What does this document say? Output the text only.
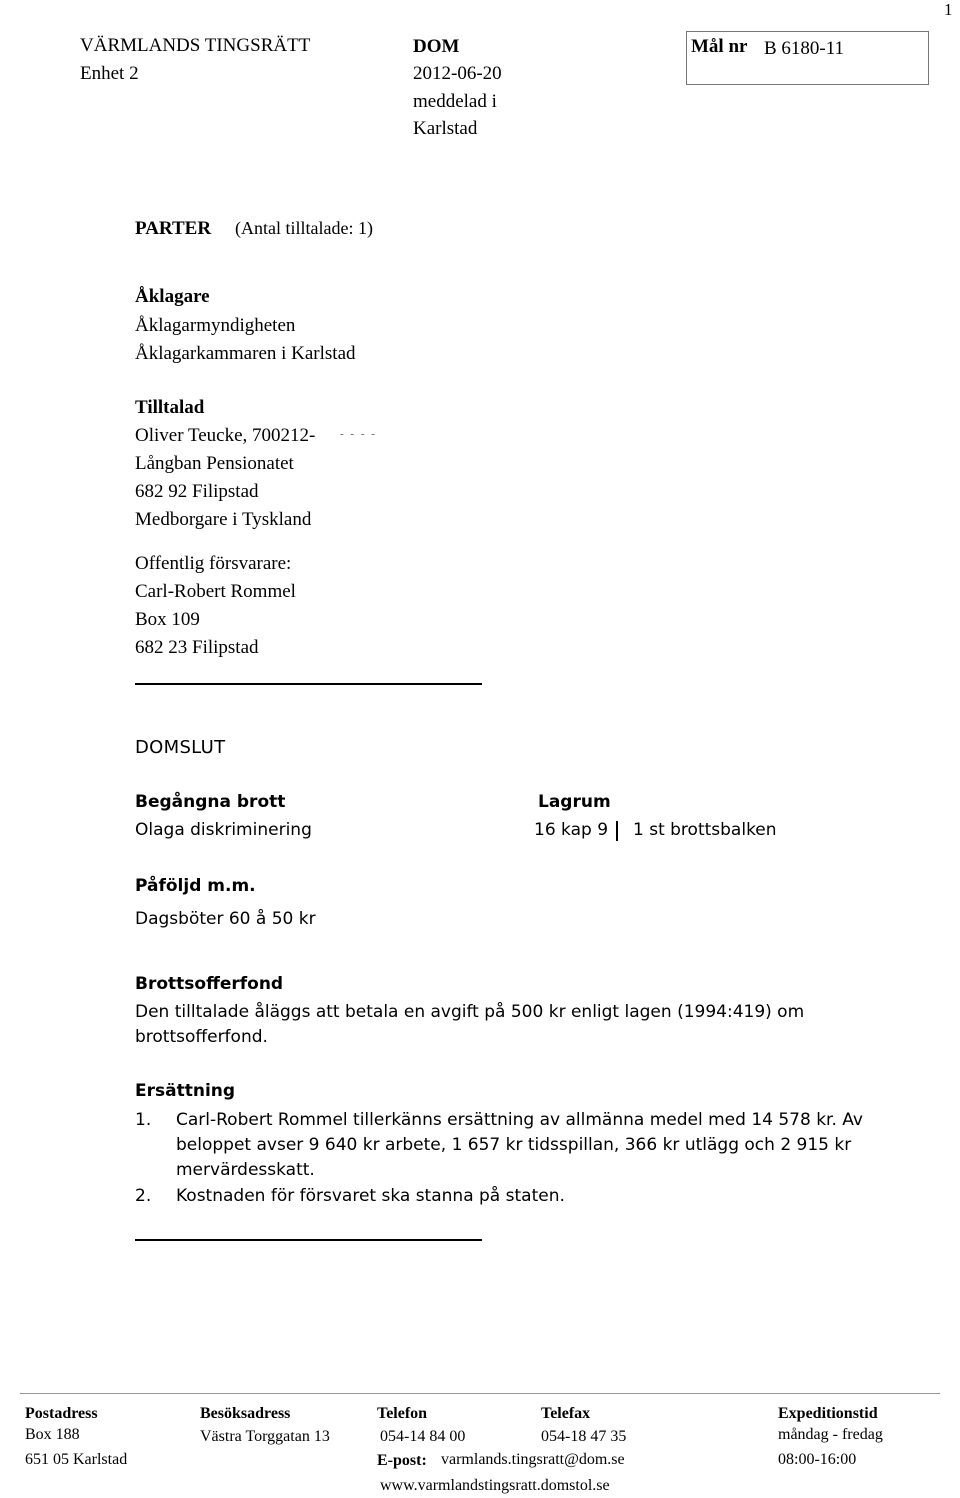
1
VÄRMLANDS TINGSRÄTT
Enhet 2
DOM
2012-06-20
meddelad i
Karlstad
Mål nr B 6180-11
PARTER (Antal tilltalade: 1)
Åklagare
Åklagarmyndigheten
Åklagarkammaren i Karlstad
Tilltalad
Oliver Teucke, 700212- - - - -
Långban Pensionatet
682 92 Filipstad
Medborgare i Tyskland
Offentlig försvarare:
Carl-Robert Rommel
Box 109
682 23 Filipstad
DOMSLUT
Begångna brott
Olaga diskriminering
Lagrum
16 kap 9 1 st brottsbalken
Påföljd m.m.
Dagsböter 60 å 50 kr
Brottsofferfond
Den tilltalade åläggs att betala en avgift på 500 kr enligt lagen (1994:419) om
brottsofferfond.
Ersättning
1. Carl-Robert Rommel tillerkänns ersättning av allmänna medel med 14 578 kr. Av
beloppet avser 9 640 kr arbete, 1 657 kr tidsspillan, 366 kr utlägg och 2 915 kr
mervärdesskatt.
2. Kostnaden för försvaret ska stanna på staten.
Postadress
Box 188
651 05 Karlstad
Besöksadress
Västra Torggatan 13
Telefon
054-14 84 00
Telefax
054-18 47 35
E-post: varmlands.tingsratt@dom.se
www.varmlandstingsratt.domstol.se
Expeditionstid
måndag - fredag
08:00-16:00
